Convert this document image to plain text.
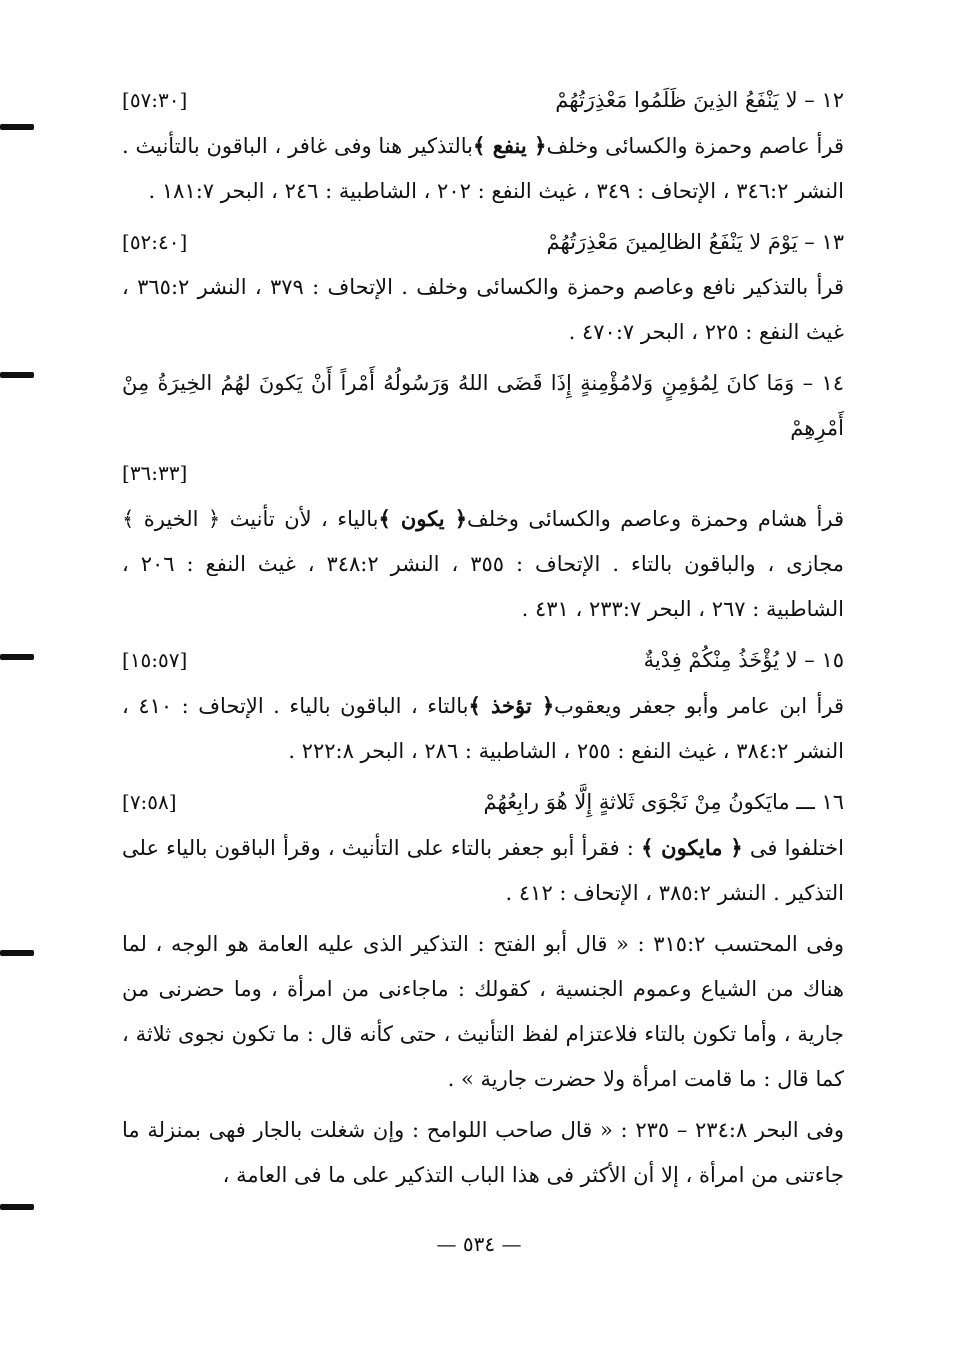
١٢ – لا يَنْفَعُ الذِينَ ظَلَمُوا مَعْذِرَتُهُمْ
[٥٧:٣٠]

قرأ عاصم وحمزة والكسائى وخلف﴿ ينفع ﴾بالتذكير هنا وفى غافر ، الباقون بالتأنيث . النشر ٣٤٦:٢ ، الإتحاف : ٣٤٩ ، غيث النفع : ٢٠٢ ، الشاطبية : ٢٤٦ ، البحر ١٨١:٧ .

١٣ – يَوْمَ لا يَنْفَعُ الظالِمينَ مَعْذِرَتُهُمْ
[٥٢:٤٠]

قرأ بالتذكير نافع وعاصم وحمزة والكسائى وخلف . الإتحاف : ٣٧٩ ، النشر ٣٦٥:٢ ، غيث النفع : ٢٢٥ ، البحر ٤٧٠:٧ .

١٤ – وَمَا كانَ لِمُؤمِنٍ وَلامُؤْمِنةٍ إِذَا قَضَى اللهُ وَرَسُولُهُ أَمْراً أَنْ يَكونَ لهُمُ الخِيرَةُ مِنْ أَمْرِهِمْ

[٣٦:٣٣]

قرأ هشام وحمزة وعاصم والكسائى وخلف﴿ يكون ﴾بالياء ، لأن تأنيث ﴿ الخيرة ﴾ مجازى ، والباقون بالتاء . الإتحاف : ٣٥٥ ، النشر ٣٤٨:٢ ، غيث النفع : ٢٠٦ ، الشاطبية : ٢٦٧ ، البحر ٢٣٣:٧ ، ٤٣١ .

١٥ – لا يُؤْخَذُ مِنْكُمْ فِدْيةٌ
[١٥:٥٧]

قرأ ابن عامر وأبو جعفر ويعقوب﴿ تؤخذ ﴾بالتاء ، الباقون بالياء . الإتحاف : ٤١٠ ، النشر ٣٨٤:٢ ، غيث النفع : ٢٥٥ ، الشاطبية : ٢٨٦ ، البحر ٢٢٢:٨ .

١٦ ـــ مايَكونُ مِنْ نَجْوَى ثَلاثةٍ إِلَّا هُوَ رابِعُهُمْ
[٧:٥٨]

اختلفوا فى ﴿ مايكون ﴾ : فقرأ أبو جعفر بالتاء على التأنيث ، وقرأ الباقون بالياء على التذكير . النشر ٣٨٥:٢ ، الإتحاف : ٤١٢ .

وفى المحتسب ٣١٥:٢ : « قال أبو الفتح : التذكير الذى عليه العامة هو الوجه ، لما هناك من الشياع وعموم الجنسية ، كقولك : ماجاءنى من امرأة ، وما حضرنى من جارية ، وأما تكون بالتاء فلاعتزام لفظ التأنيث ، حتى كأنه قال : ما تكون نجوى ثلاثة ، كما قال : ما قامت امرأة ولا حضرت جارية » .

وفى البحر ٢٣٤:٨ – ٢٣٥ : « قال صاحب اللوامح : وإن شغلت بالجار فهى بمنزلة ما جاءتنى من امرأة ، إلا أن الأكثر فى هذا الباب التذكير على ما فى العامة ،

— ٥٣٤ —
